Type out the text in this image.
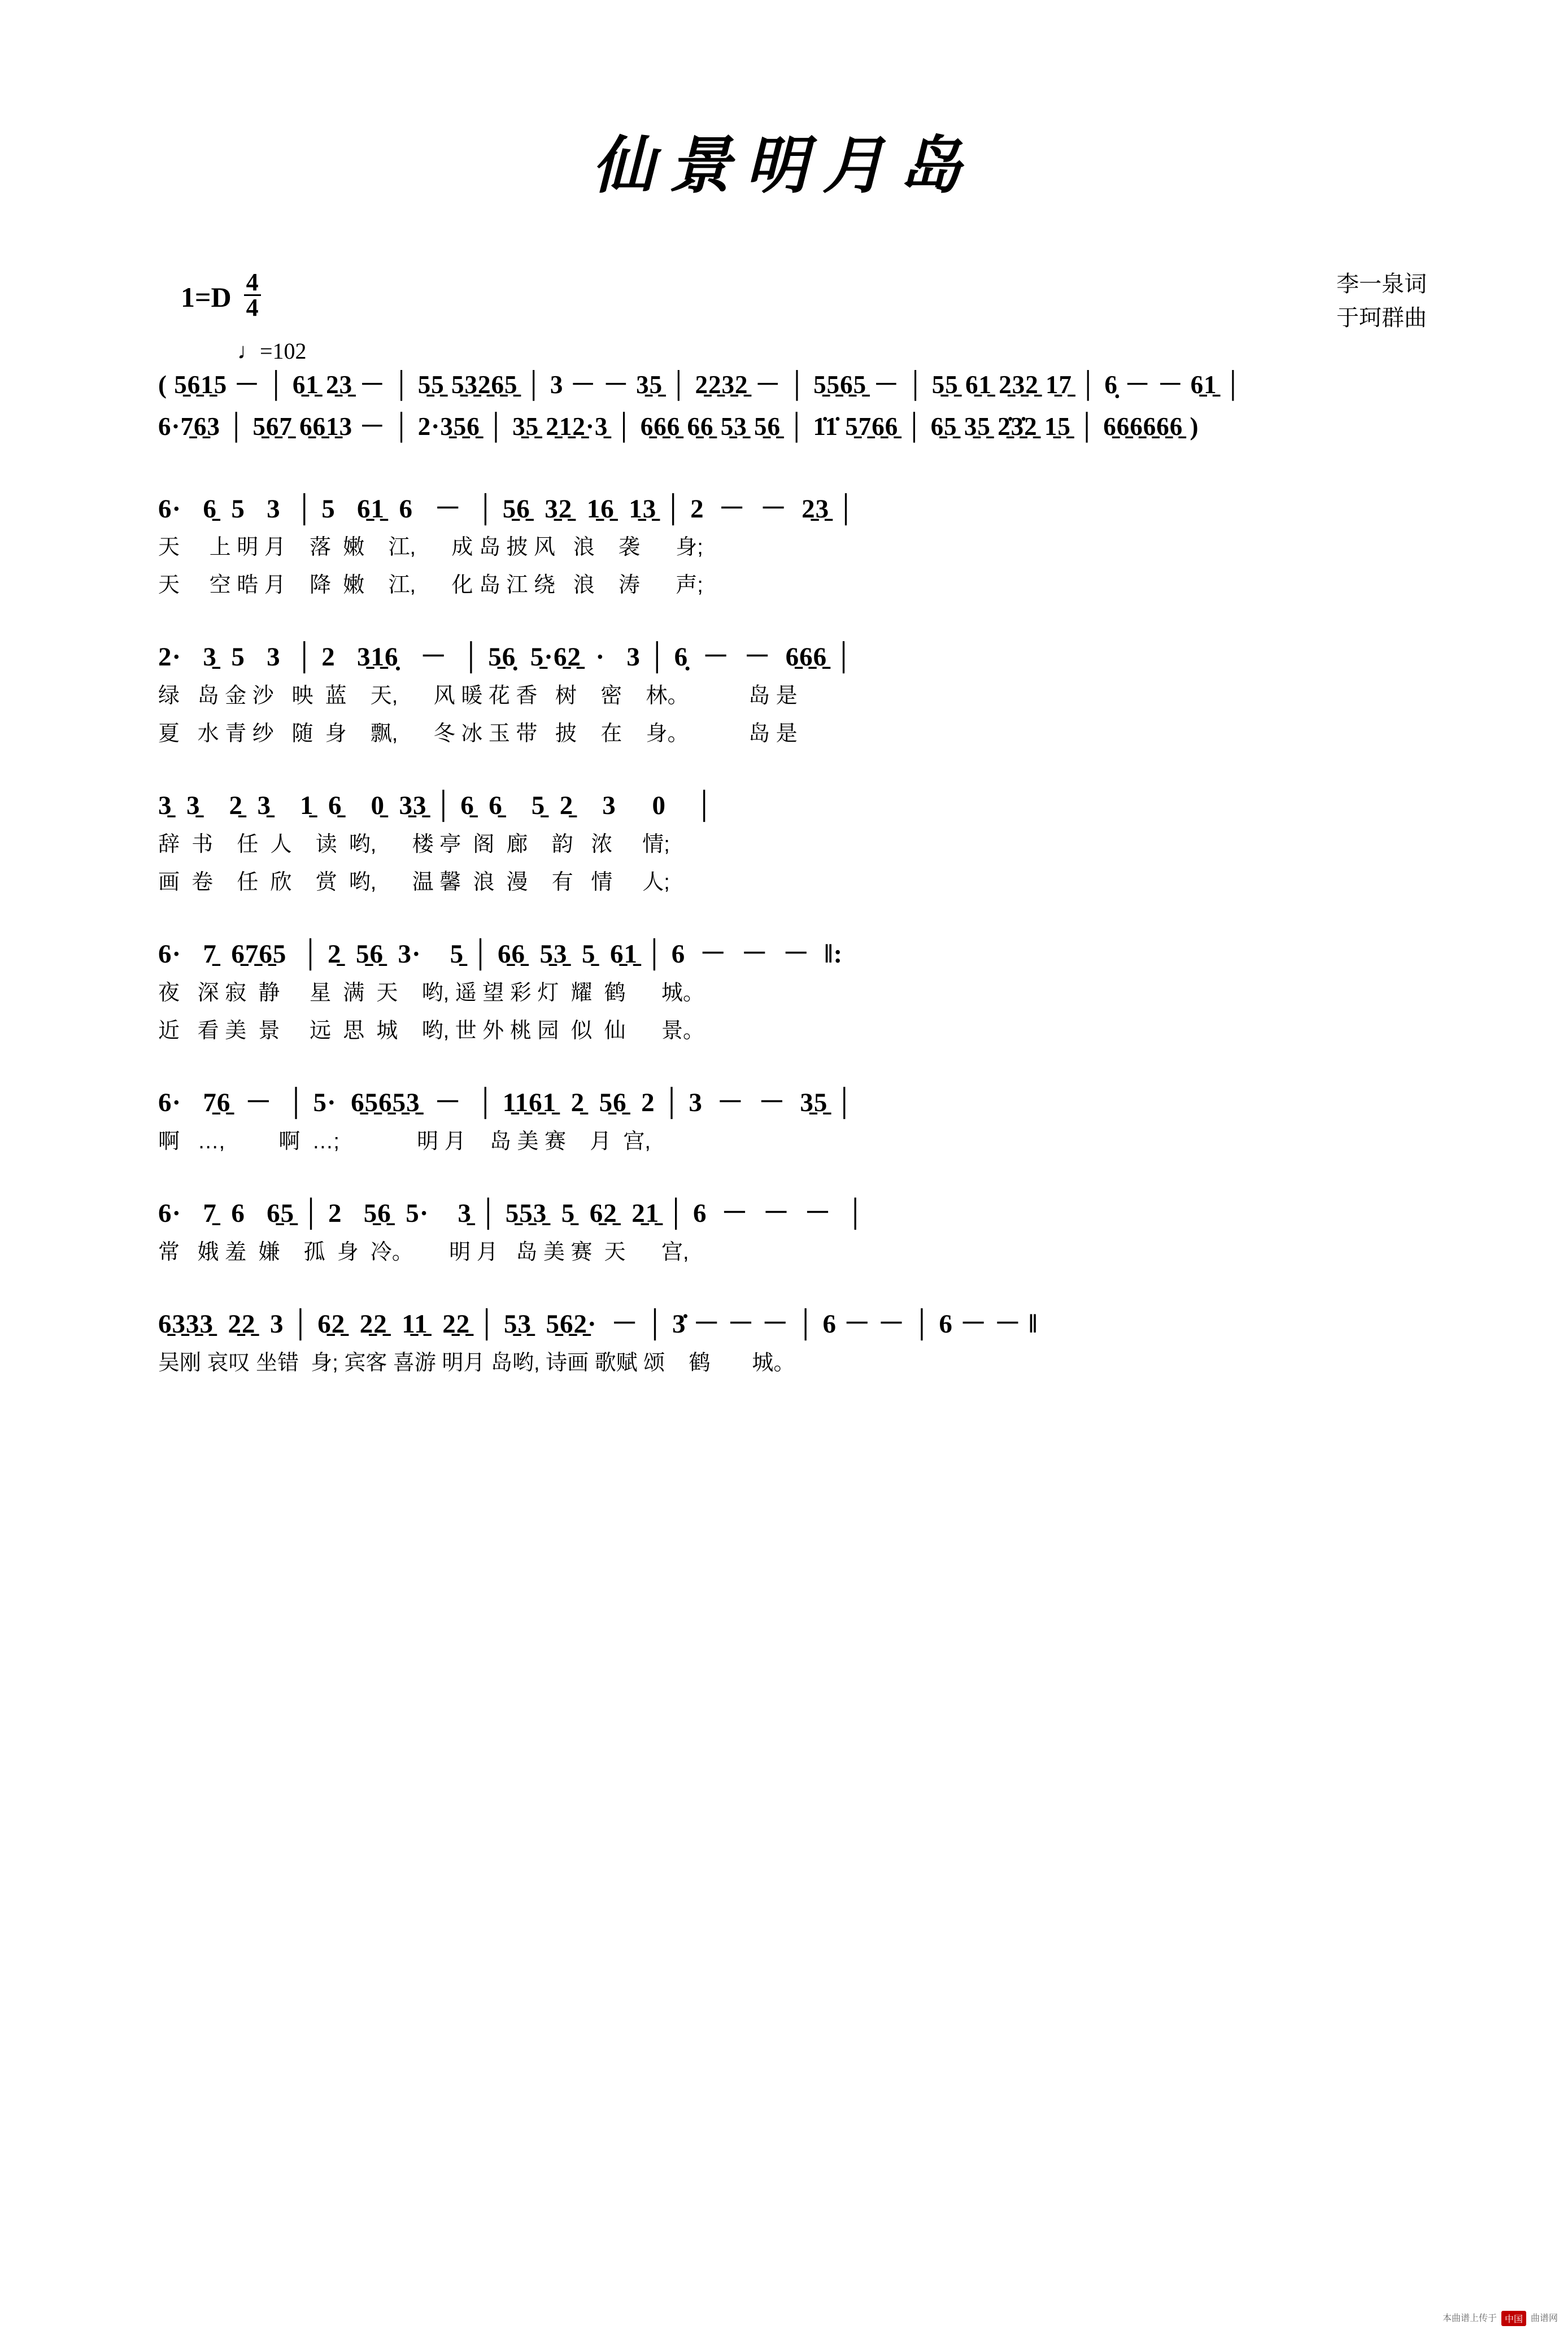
仙景明月岛
$1=D \frac{4}{4}$	李一泉词
于珂群曲
♩=102
( 5̱6̱1̱5 － │ 6̱1̱ 2̱3̱ － │ 5̱5̱ 5̱3̱2̱6̱5̱ │ 3 － － 3̱5̱ │ 2̱2̱3̱2̱ － │ 5̱5̱6̱5̱ － │ 5̱5̱ 6̱1̱ 2̱3̱2̱ 1̱7̱ │ 6̣ － － 6̱1̱ │
6·7̱6̱3 │ 5̱6̱7̱ 6̱6̱1̱3 － │ 2·3̱5̱6̱ │ 3̱5̱ 2̱1̱2̱·3̱ │ 6̱6̱6̱ 6̱6̱ 5̱3̱ 5̱6̱ │ 1̇1̇ 5̱7̱6̱6̱ │ 6̱5̱ 3̱5̱ 2̱̇3̱̇2̱ 1̱5̱ │ 6̱6̱6̱6̱6̱6̱ )
6·   6̱  5   3  │ 5   6̱1̱  6   －  │ 5̱6̱  3̱2̱  1̱6̱  1̱3̱ │ 2  －  －  2̱3̱ │
天     上 明 月    落  嫩    江,      成 岛 披 风   浪    袭      身;
天     空 晧 月    降  嫩    江,      化 岛 江 绕   浪    涛      声;
2·   3̱  5   3  │ 2   3̱1̱6̣   －  │ 5̱6̣  5̱·6̱2̱  ·   3 │ 6̣  －  －  6̱6̱6̱ │
绿   岛 金 沙   映  蓝    天,      风 暖 花 香   树    密    林。          岛 是
夏   水 青 纱   随  身    飘,      冬 冰 玉 带   披    在    身。          岛 是
3̱  3̱    2̱  3̱    1̱  6̱    0̱  3̱3̱ │ 6̱  6̱    5̱  2̱    3     0    │
辞  书    任  人    读  哟,      楼 亭  阁  廊    韵   浓     情;
画  卷    任  欣    赏  哟,      温 馨  浪  漫    有   情     人;
6·   7̱  6̱7̱6̱5  │ 2̱  5̱6̱  3·    5̱ │ 6̱6̱  5̱3̱  5̱  6̱1̱ │ 6  －  －  －  ‖:
夜   深 寂  静     星  满  天    哟, 遥 望 彩 灯  耀  鹤      城。
近   看 美  景     远  思  城    哟, 世 外 桃 园  似  仙      景。
6·   7̱6̱  －  │ 5·  6̱5̱6̱5̱3̱  －  │ 1̱1̱6̱1̱  2̱  5̱6̱  2 │ 3  －  －  3̱5̱ │
啊   …,         啊  …;             明 月    岛 美 赛    月  宫,
6·   7̱  6   6̱5̱ │ 2   5̱6̱  5·    3̱ │ 5̱5̱3̱  5̱  6̱2̱  2̱1̱ │ 6  －  －  －  │
常   娥 羞  嫌    孤  身  冷。      明 月   岛 美 赛  天      宫,
6̱3̱3̱3̱  2̱2̱  3 │ 6̱2̱  2̱2̱  1̱1̱  2̱2̱ │ 5̱3̱  5̱6̱2̱·  － │ 3̇ － － － │ 6 － － │ 6 － － ‖
吴刚 哀叹 坐错  身; 宾客 喜游 明月 岛哟, 诗画 歌赋 颂    鹤       城。
本曲谱上传于 中国 曲谱网
